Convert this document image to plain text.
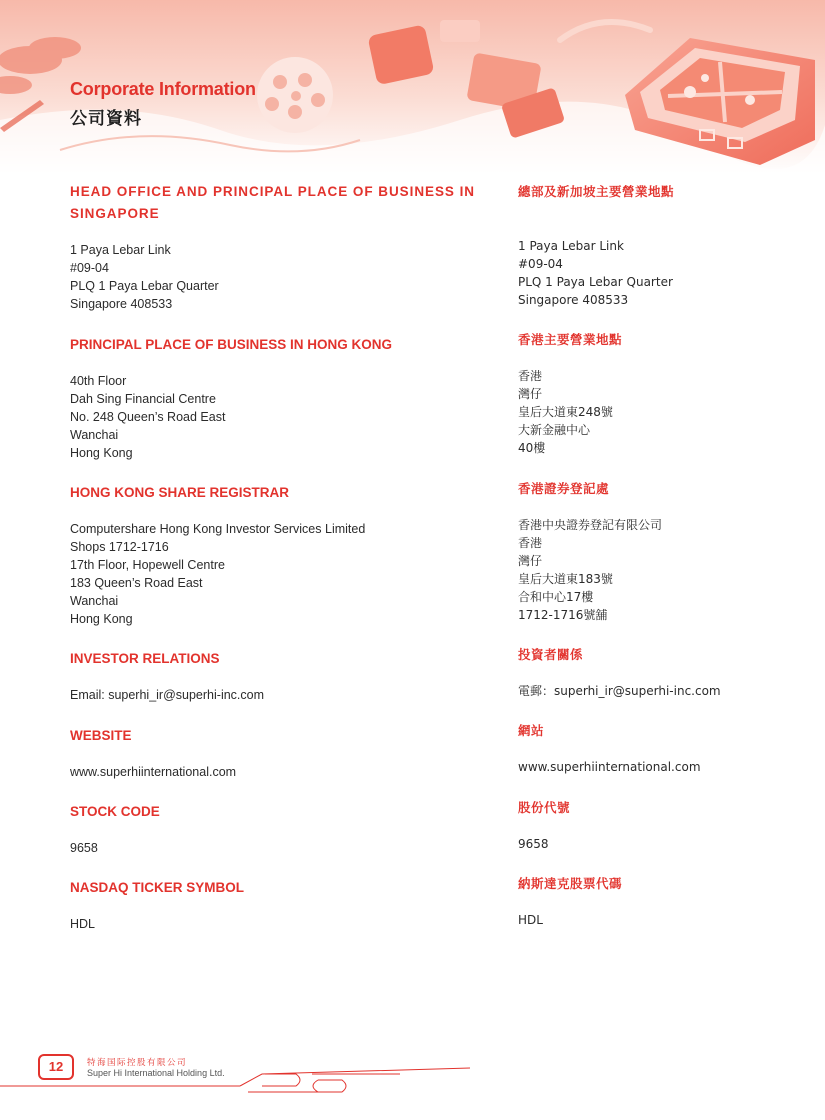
Corporate Information
公司資料
HEAD OFFICE AND PRINCIPAL PLACE OF BUSINESS IN
SINGAPORE
1 Paya Lebar Link
#09-04
PLQ 1 Paya Lebar Quarter
Singapore 408533
PRINCIPAL PLACE OF BUSINESS IN HONG KONG
40th Floor
Dah Sing Financial Centre
No. 248 Queen’s Road East
Wanchai
Hong Kong
HONG KONG SHARE REGISTRAR
Computershare Hong Kong Investor Services Limited
Shops 1712-1716
17th Floor, Hopewell Centre
183 Queen’s Road East
Wanchai
Hong Kong
INVESTOR RELATIONS
Email: superhi_ir@superhi-inc.com
WEBSITE
www.superhiinternational.com
STOCK CODE
9658
NASDAQ TICKER SYMBOL
HDL
總部及新加坡主要營業地點
1 Paya Lebar Link
#09-04
PLQ 1 Paya Lebar Quarter
Singapore 408533
香港主要營業地點
香港
灣仔
皇后大道東248號
大新金融中心
40樓
香港證券登記處
香港中央證券登記有限公司
香港
灣仔
皇后大道東183號
合和中心17樓
1712-1716號舖
投資者關係
電郵：superhi_ir@superhi-inc.com
網站
www.superhiinternational.com
股份代號
9658
納斯達克股票代碼
HDL
12	特海国际控股有限公司
Super Hi International Holding Ltd.
